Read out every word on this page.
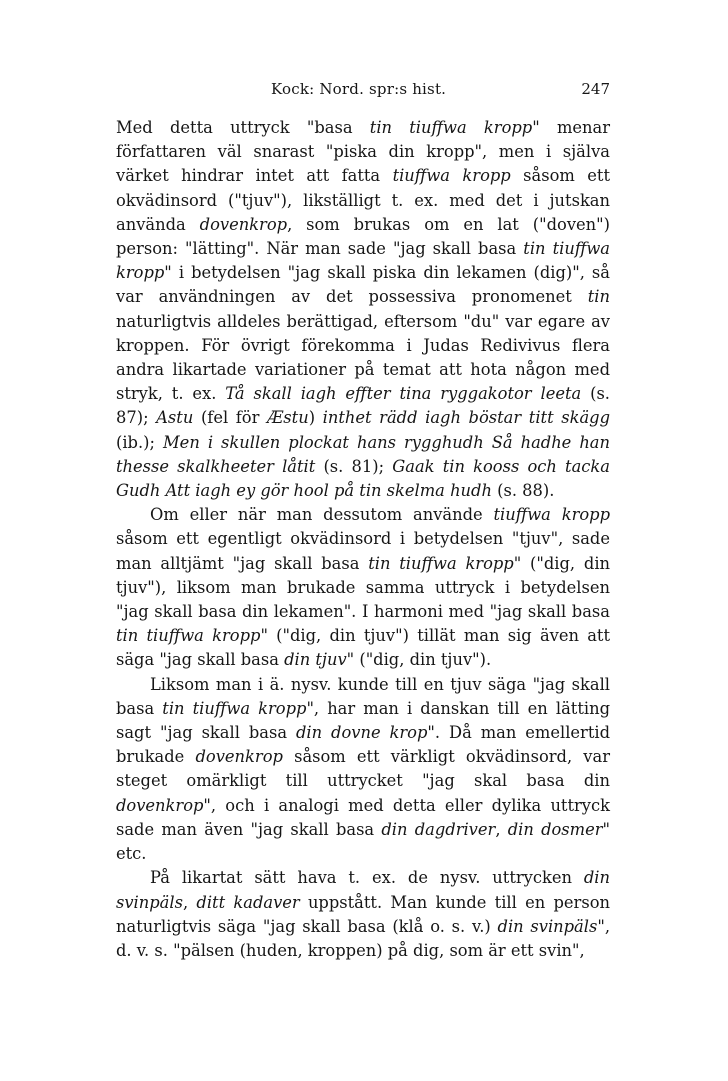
Kock: Nord. spr:s hist.	247

Med detta uttryck "basa tin tiuffwa kropp" menar författaren väl snarast "piska din kropp", men i själva värket hindrar intet att fatta tiuffwa kropp såsom ett okvädinsord ("tjuv"), likställigt t. ex. med det i jutskan använda dovenkrop, som brukas om en lat ("doven") person: "lätting". När man sade "jag skall basa tin tiuffwa kropp" i betydelsen "jag skall piska din lekamen (dig)", så var användningen av det possessiva pronomenet tin naturligtvis alldeles berättigad, eftersom "du" var egare av kroppen. För övrigt förekomma i Judas Redivivus flera andra likartade variationer på temat att hota någon med stryk, t. ex. Tå skall iagh effter tina ryggakotor leeta (s. 87); Astu (fel för Æstu) inthet rädd iagh böstar titt skägg (ib.); Men i skullen plockat hans rygghudh Så hadhe han thesse skalkheeter låtit (s. 81); Gaak tin kooss och tacka Gudh Att iagh ey gör hool på tin skelma hudh (s. 88).

Om eller när man dessutom använde tiuffwa kropp såsom ett egentligt okvädinsord i betydelsen "tjuv", sade man alltjämt "jag skall basa tin tiuffwa kropp" ("dig, din tjuv"), liksom man brukade samma uttryck i betydelsen "jag skall basa din lekamen". I harmoni med "jag skall basa tin tiuffwa kropp" ("dig, din tjuv") tillät man sig även att säga "jag skall basa din tjuv" ("dig, din tjuv").

Liksom man i ä. nysv. kunde till en tjuv säga "jag skall basa tin tiuffwa kropp", har man i danskan till en lätting sagt "jag skall basa din dovne krop". Då man emellertid brukade dovenkrop såsom ett värkligt okvädinsord, var steget omärkligt till uttrycket "jag skal basa din dovenkrop", och i analogi med detta eller dylika uttryck sade man även "jag skall basa din dagdriver, din dosmer" etc.

På likartat sätt hava t. ex. de nysv. uttrycken din svinpäls, ditt kadaver uppstått. Man kunde till en person naturligtvis säga "jag skall basa (klå o. s. v.) din svinpäls", d. v. s. "pälsen (huden, kroppen) på dig, som är ett svin",
